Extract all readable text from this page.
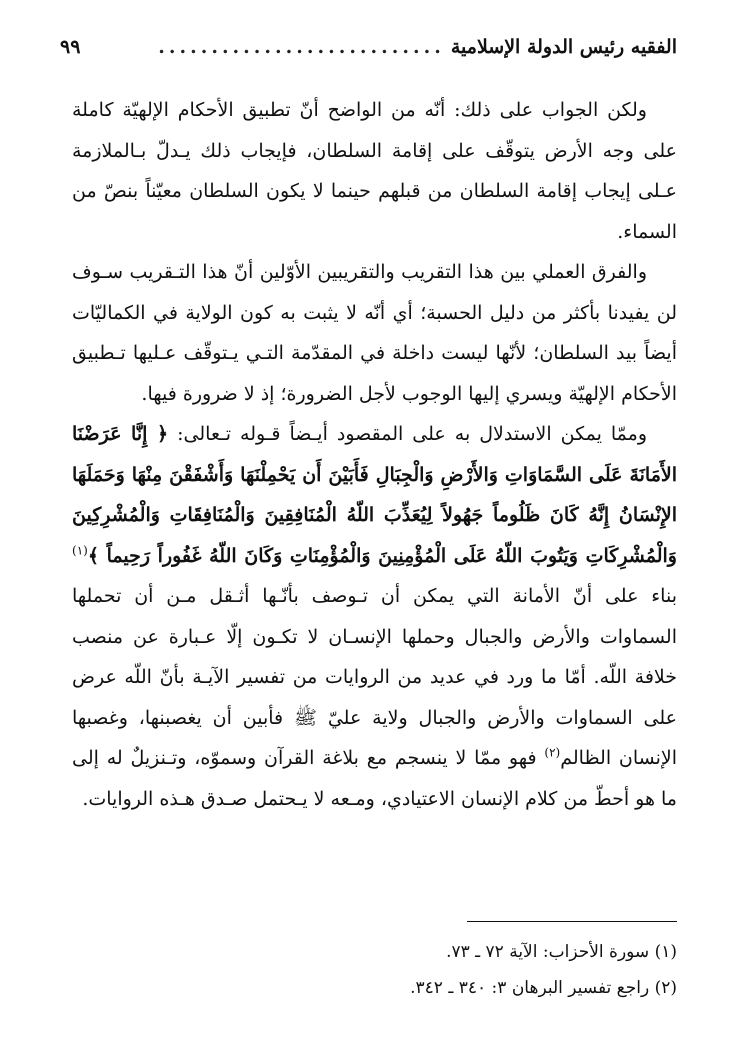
الفقيه رئيس الدولة الإسلامية
...........................
٩٩

ولكن الجواب على ذلك: أنّه من الواضح أنّ تطبيق الأحكام الإلهيّة كاملة على وجه الأرض يتوقّف على إقامة السلطان، فإيجاب ذلك يـدلّ بـالملازمة عـلى إيجاب إقامة السلطان من قبلهم حينما لا يكون السلطان معيّناً بنصّ من السماء.

والفرق العملي بين هذا التقريب والتقريبين الأوّلين أنّ هذا التـقريب سـوف لن يفيدنا بأكثر من دليل الحسبة؛ أي أنّه لا يثبت به كون الولاية في الكماليّات أيضاً بيد السلطان؛ لأنّها ليست داخلة في المقدّمة التـي يـتوقّف عـليها تـطبيق الأحكام الإلهيّة ويسري إليها الوجوب لأجل الضرورة؛ إذ لا ضرورة فيها.

وممّا يمكن الاستدلال به على المقصود أيـضاً قـوله تـعالى: ﴿ إِنَّا عَرَضْنَا الأَمَانَةَ عَلَى السَّمَاوَاتِ وَالأَرْضِ وَالْجِبَالِ فَأَبَيْنَ أَن يَحْمِلْنَهَا وَأَشْفَقْنَ مِنْهَا وَحَمَلَهَا الإِنْسَانُ إِنَّهُ كَانَ ظَلُوماً جَهُولاً لِيُعَذِّبَ اللّهُ الْمُنَافِقِينَ وَالْمُنَافِقَاتِ وَالْمُشْرِكِينَ وَالْمُشْرِكَاتِ وَيَتُوبَ اللّهُ عَلَى الْمُؤْمِنِينَ وَالْمُؤْمِنَاتِ وَكَانَ اللّهُ غَفُوراً رَحِيماً ﴾$^{(١)}$ بناء على أنّ الأمانة التي يمكن أن تـوصف بأنّـها أثـقل مـن أن تحملها السماوات والأرض والجبال وحملها الإنسـان لا تكـون إلّا عـبارة عن منصب خلافة اللّه. أمّا ما ورد في عديد من الروايات من تفسير الآيـة بأنّ اللّه عرض على السماوات والأرض والجبال ولاية عليّ ﷺ فأبين أن يغصبنها، وغصبها الإنسان الظالم$^{(٢)}$ فهو ممّا لا ينسجم مع بلاغة القرآن وسموّه، وتـنزيلٌ له إلى ما هو أحطّ من كلام الإنسان الاعتيادي، ومـعه لا يـحتمل صـدق هـذه الروايات.

(١) سورة الأحزاب: الآية ٧٢ ـ ٧٣.
(٢) راجع تفسير البرهان ٣: ٣٤٠ ـ ٣٤٢.
